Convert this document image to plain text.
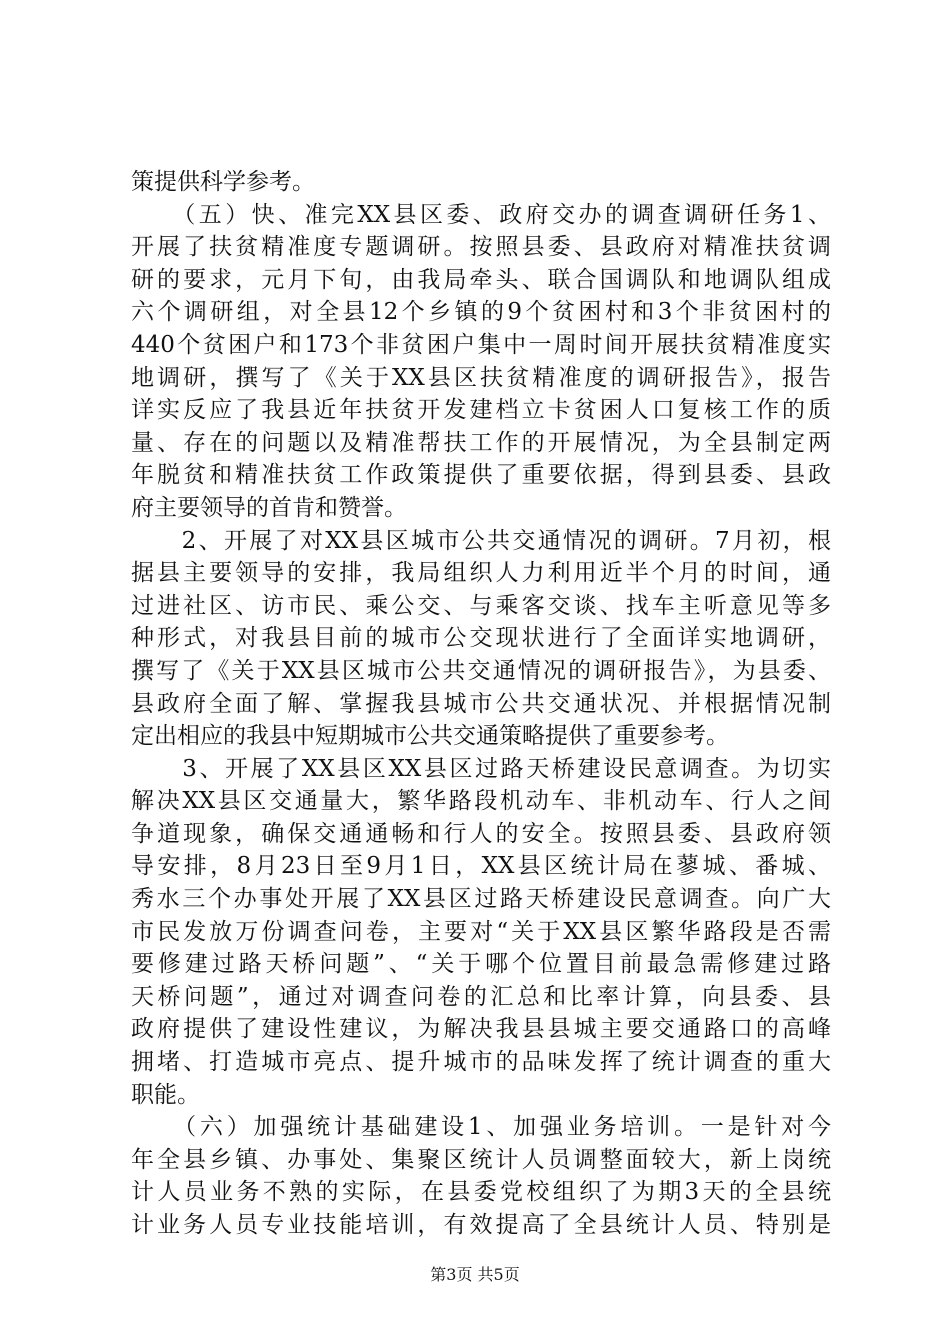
策提供科学参考。
　　（五）快、准完XX县区委、政府交办的调查调研任务1、
开展了扶贫精准度专题调研。按照县委、县政府对精准扶贫调
研的要求，元月下旬，由我局牵头、联合国调队和地调队组成
六个调研组，对全县12个乡镇的9个贫困村和3个非贫困村的
440个贫困户和173个非贫困户集中一周时间开展扶贫精准度实
地调研，撰写了《关于XX县区扶贫精准度的调研报告》，报告
详实反应了我县近年扶贫开发建档立卡贫困人口复核工作的质
量、存在的问题以及精准帮扶工作的开展情况，为全县制定两
年脱贫和精准扶贫工作政策提供了重要依据，得到县委、县政
府主要领导的首肯和赞誉。
　　2、开展了对XX县区城市公共交通情况的调研。7月初，根
据县主要领导的安排，我局组织人力利用近半个月的时间，通
过进社区、访市民、乘公交、与乘客交谈、找车主听意见等多
种形式，对我县目前的城市公交现状进行了全面详实地调研，
撰写了《关于XX县区城市公共交通情况的调研报告》，为县委、
县政府全面了解、掌握我县城市公共交通状况、并根据情况制
定出相应的我县中短期城市公共交通策略提供了重要参考。
　　3、开展了XX县区XX县区过路天桥建设民意调查。为切实
解决XX县区交通量大，繁华路段机动车、非机动车、行人之间
争道现象，确保交通通畅和行人的安全。按照县委、县政府领
导安排，8月23日至9月1日，XX县区统计局在蓼城、番城、
秀水三个办事处开展了XX县区过路天桥建设民意调查。向广大
市民发放万份调查问卷，主要对“关于XX县区繁华路段是否需
要修建过路天桥问题”、“关于哪个位置目前最急需修建过路
天桥问题”，通过对调查问卷的汇总和比率计算，向县委、县
政府提供了建设性建议，为解决我县县城主要交通路口的高峰
拥堵、打造城市亮点、提升城市的品味发挥了统计调查的重大
职能。
　　（六）加强统计基础建设1、加强业务培训。一是针对今
年全县乡镇、办事处、集聚区统计人员调整面较大，新上岗统
计人员业务不熟的实际，在县委党校组织了为期3天的全县统
计业务人员专业技能培训，有效提高了全县统计人员、特别是
第3页 共5页
